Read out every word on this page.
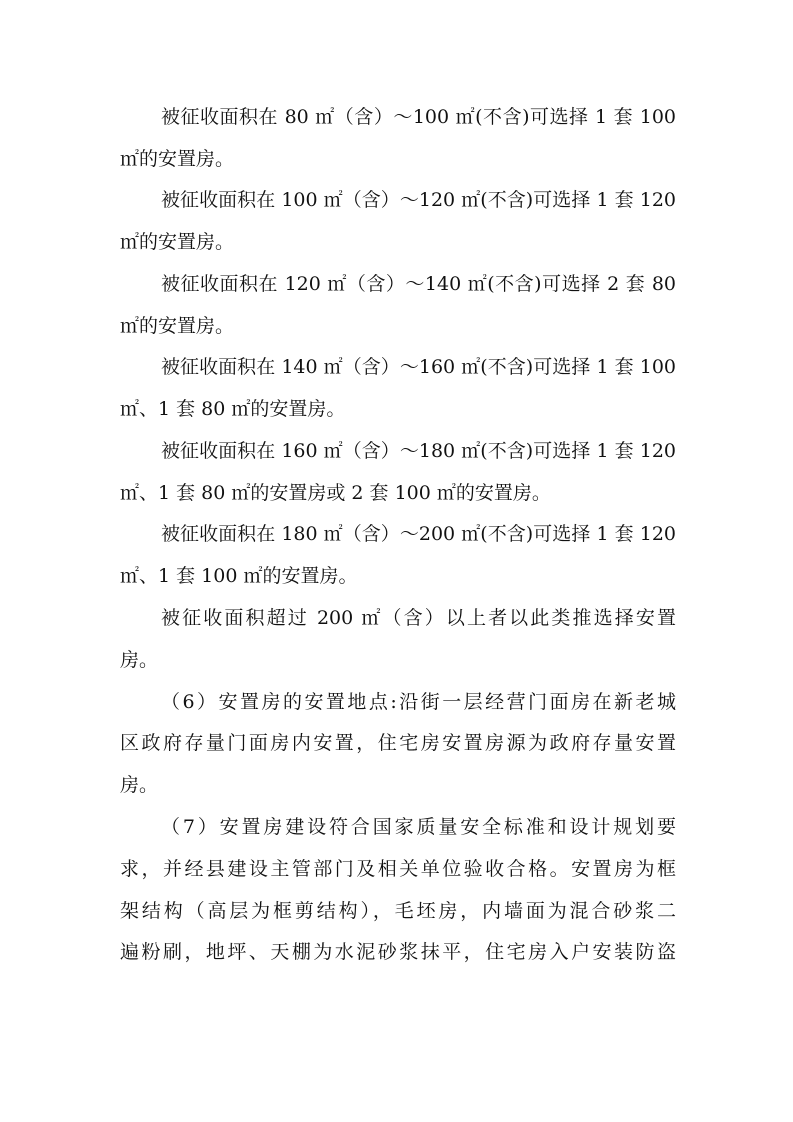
被征收面积在 80 ㎡（含）～100 ㎡(不含)可选择 1 套 100

㎡的安置房。

被征收面积在 100 ㎡（含）～120 ㎡(不含)可选择 1 套 120

㎡的安置房。

被征收面积在 120 ㎡（含）～140 ㎡(不含)可选择 2 套 80

㎡的安置房。

被征收面积在 140 ㎡（含）～160 ㎡(不含)可选择 1 套 100

㎡、1 套 80 ㎡的安置房。

被征收面积在 160 ㎡（含）～180 ㎡(不含)可选择 1 套 120

㎡、1 套 80 ㎡的安置房或 2 套 100 ㎡的安置房。

被征收面积在 180 ㎡（含）～200 ㎡(不含)可选择 1 套 120

㎡、1 套 100 ㎡的安置房。

被征收面积超过 200 ㎡（含）以上者以此类推选择安置

房。

（6）安置房的安置地点:沿街一层经营门面房在新老城

区政府存量门面房内安置，住宅房安置房源为政府存量安置

房。

（7）安置房建设符合国家质量安全标准和设计规划要

求，并经县建设主管部门及相关单位验收合格。安置房为框

架结构（高层为框剪结构），毛坯房，内墙面为混合砂浆二

遍粉刷，地坪、天棚为水泥砂浆抹平，住宅房入户安装防盗
